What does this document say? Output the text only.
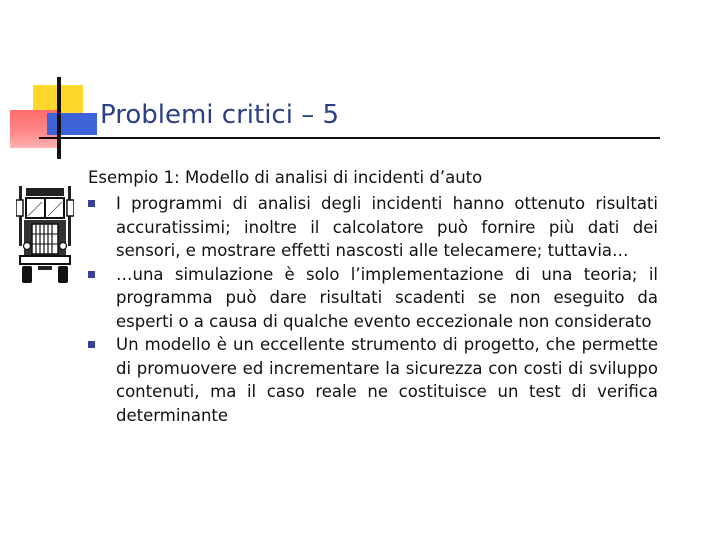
Problemi critici – 5
Esempio 1: Modello di analisi di incidenti d’auto
I programmi di analisi degli incidenti hanno ottenuto risultati accuratissimi; inoltre il calcolatore può fornire più dati dei sensori, e mostrare effetti nascosti alle telecamere; tuttavia…
…una simulazione è solo l’implementazione di una teoria; il programma può dare risultati scadenti se non eseguito da esperti o a causa di qualche evento eccezionale non considerato
Un modello è un eccellente strumento di progetto, che permette di promuovere ed incrementare la sicurezza con costi di sviluppo contenuti, ma il caso reale ne costituisce un test di verifica determinante
